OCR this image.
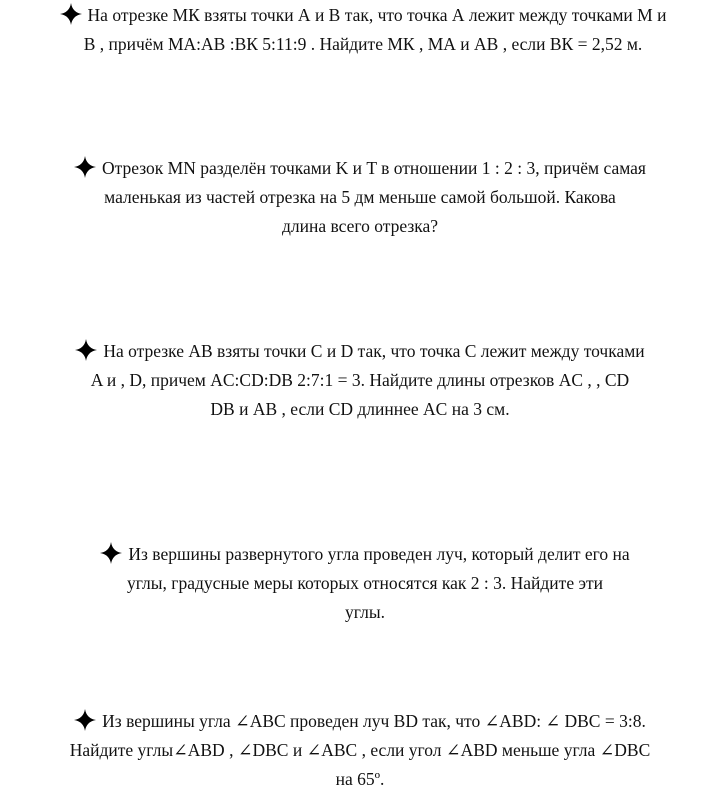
На отрезке МК взяты точки А и В так, что точка А лежит между точками М и
В , причём МА:АВ :ВК 5:11:9 . Найдите МК , МА и АВ , если ВК = 2,52 м.
Отрезок MN разделён точками K и T в отношении 1 : 2 : 3, причём самая
маленькая из частей отрезка на 5 дм меньше самой большой. Какова
длина всего отрезка?
На отрезке AB взяты точки C и D так, что точка C лежит между точками
A и , D, причем AC:CD:DB 2:7:1 = 3. Найдите длины отрезков AC , , CD
DB и AB , если CD длиннее AC на 3 см.
Из вершины развернутого угла проведен луч, который делит его на
углы, градусные меры которых относятся как 2 : 3. Найдите эти
углы.
Из вершины угла ∠ABC проведен луч BD так, что ∠ABD: ∠ DBC = 3:8.
Найдите углы∠ABD , ∠DBC и ∠ABC , если угол ∠ABD меньше угла ∠DBC
на 65º.
